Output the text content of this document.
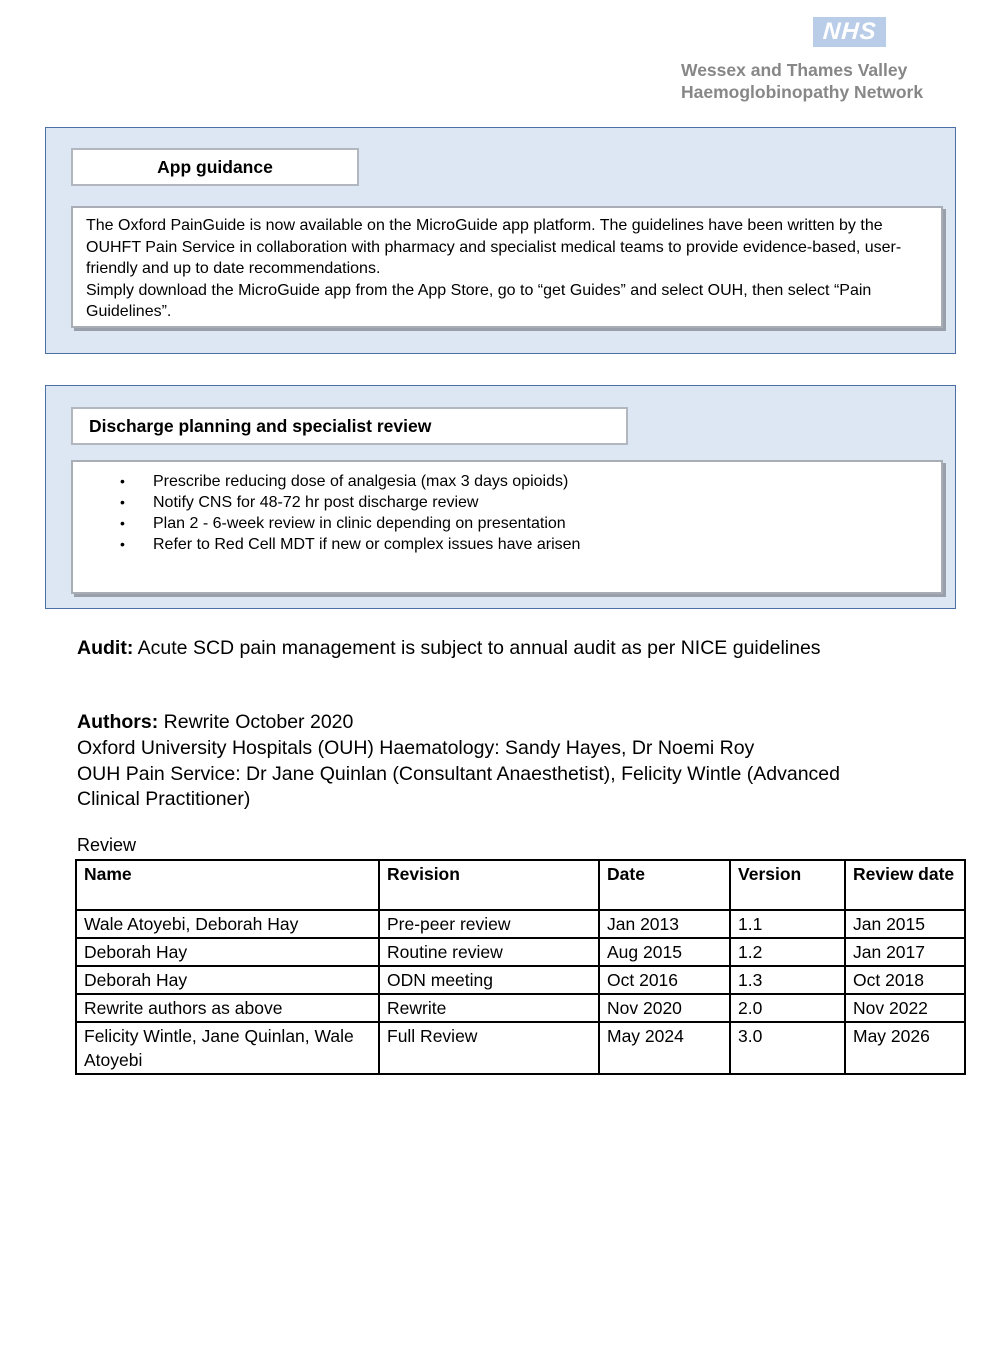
NHS
Wessex and Thames Valley
Haemoglobinopathy Network
App guidance
The Oxford PainGuide is now available on the MicroGuide app platform. The guidelines have been written by the OUHFT Pain Service in collaboration with pharmacy and specialist medical teams to provide evidence-based, user-friendly and up to date recommendations.
Simply download the MicroGuide app from the App Store, go to “get Guides” and select OUH, then select “Pain Guidelines”.
Discharge planning and specialist review
•	Prescribe reducing dose of analgesia (max 3 days opioids)
•	Notify CNS for 48-72 hr post discharge review
•	Plan 2 - 6-week review in clinic depending on presentation
•	Refer to Red Cell MDT if new or complex issues have arisen
Audit: Acute SCD pain management is subject to annual audit as per NICE guidelines
Authors: Rewrite October 2020
Oxford University Hospitals (OUH) Haematology: Sandy Hayes, Dr Noemi Roy
OUH Pain Service: Dr Jane Quinlan (Consultant Anaesthetist), Felicity Wintle (Advanced Clinical Practitioner)
Review
Name	Revision	Date	Version	Review date
Wale Atoyebi, Deborah Hay	Pre-peer review	Jan 2013	1.1	Jan 2015
Deborah Hay	Routine review	Aug 2015	1.2	Jan 2017
Deborah Hay	ODN meeting	Oct 2016	1.3	Oct 2018
Rewrite authors as above	Rewrite	Nov 2020	2.0	Nov 2022
Felicity Wintle, Jane Quinlan, Wale Atoyebi	Full Review	May 2024	3.0	May 2026
